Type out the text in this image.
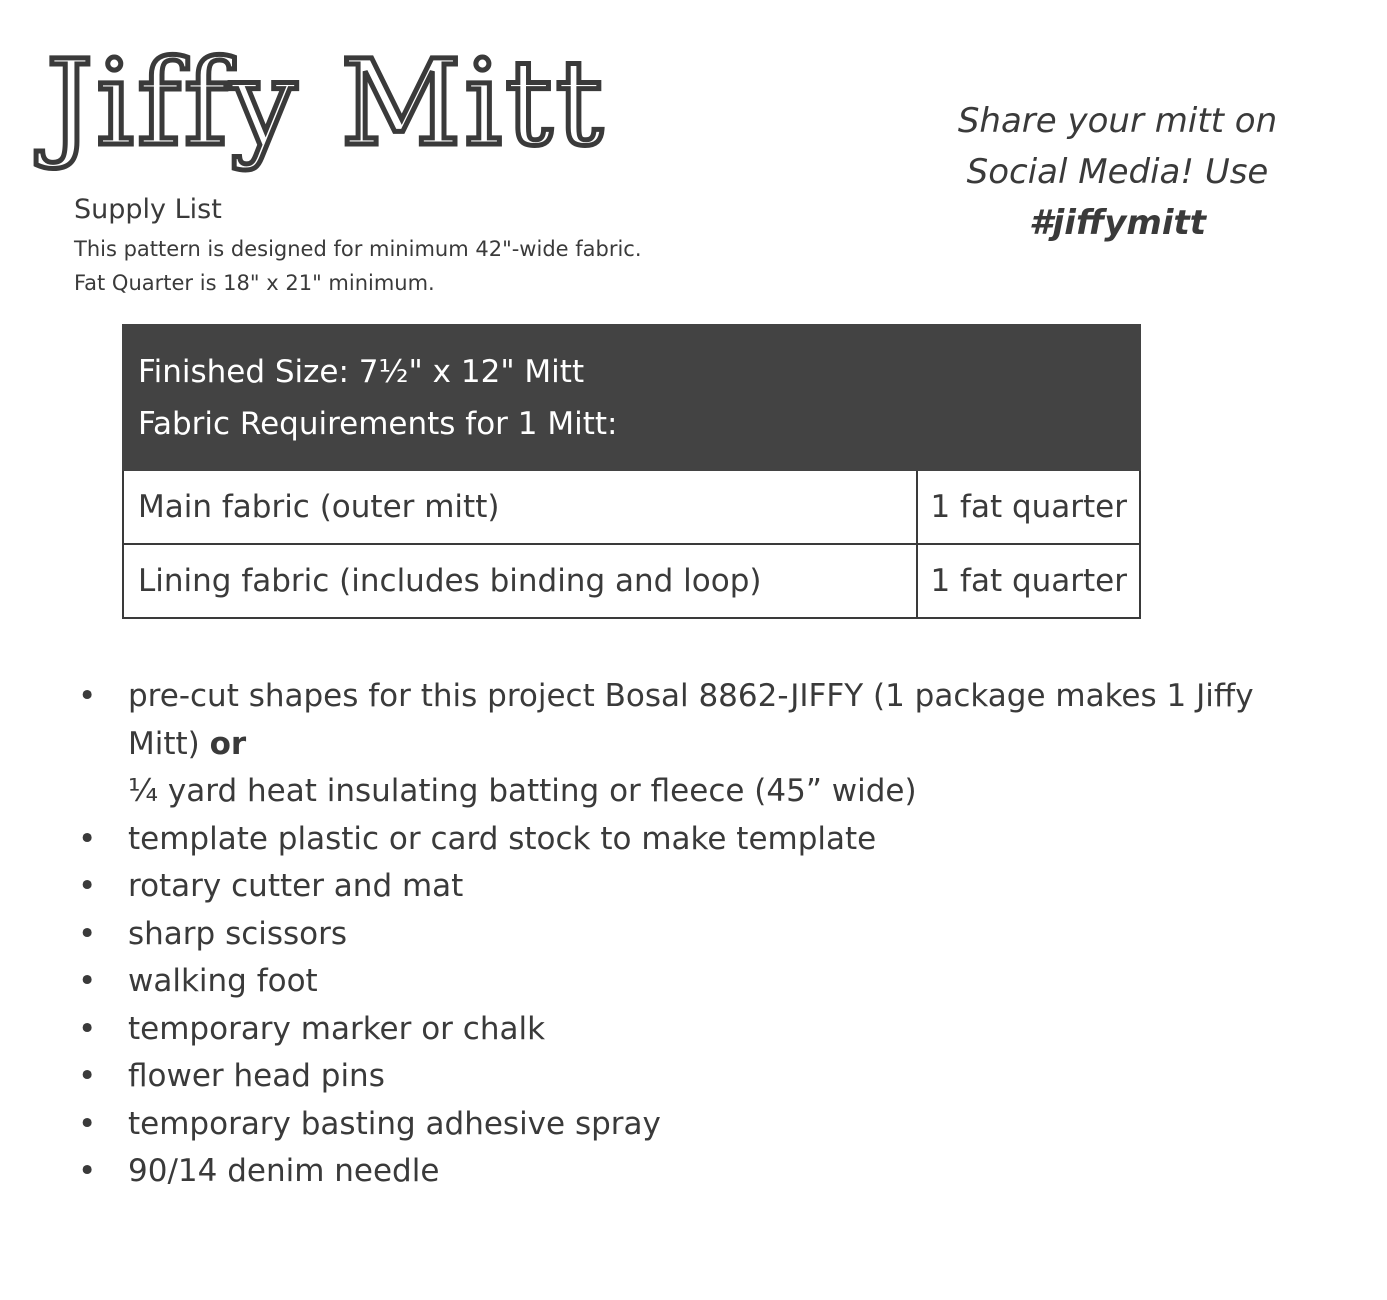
Jiffy Mitt
Supply List
This pattern is designed for minimum 42"-wide fabric.
Fat Quarter is 18" x 21" minimum.
Share your mitt on
Social Media! Use
#jiffymitt
Finished Size: 7½" x 12" Mitt
Fabric Requirements for 1 Mitt:	

Main fabric (outer mitt)	1 fat quarter
Lining fabric (includes binding and loop)	1 fat quarter
• pre-cut shapes for this project Bosal 8862-JIFFY (1 package makes 1 Jiffy
Mitt) or
¼ yard heat insulating batting or fleece (45” wide)
• template plastic or card stock to make template
• rotary cutter and mat
• sharp scissors
• walking foot
• temporary marker or chalk
• flower head pins
• temporary basting adhesive spray
• 90/14 denim needle
